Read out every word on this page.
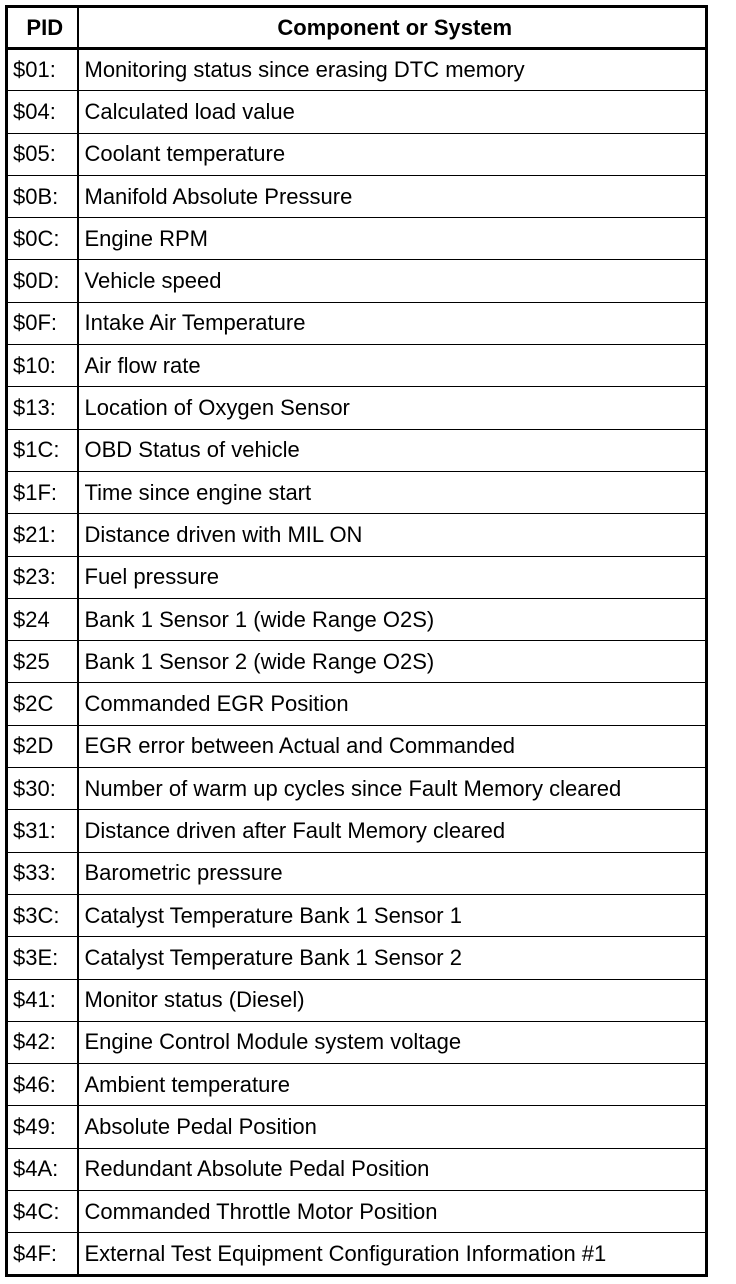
PID	Component or System
$01:	Monitoring status since erasing DTC memory
$04:	Calculated load value
$05:	Coolant temperature
$0B:	Manifold Absolute Pressure
$0C:	Engine RPM
$0D:	Vehicle speed
$0F:	Intake Air Temperature
$10:	Air flow rate
$13:	Location of Oxygen Sensor
$1C:	OBD Status of vehicle
$1F:	Time since engine start
$21:	Distance driven with MIL ON
$23:	Fuel pressure
$24	Bank 1 Sensor 1 (wide Range O2S)
$25	Bank 1 Sensor 2 (wide Range O2S)
$2C	Commanded EGR Position
$2D	EGR error between Actual and Commanded
$30:	Number of warm up cycles since Fault Memory cleared
$31:	Distance driven after Fault Memory cleared
$33:	Barometric pressure
$3C:	Catalyst Temperature Bank 1 Sensor 1
$3E:	Catalyst Temperature Bank 1 Sensor 2
$41:	Monitor status (Diesel)
$42:	Engine Control Module system voltage
$46:	Ambient temperature
$49:	Absolute Pedal Position
$4A:	Redundant Absolute Pedal Position
$4C:	Commanded Throttle Motor Position
$4F:	External Test Equipment Configuration Information #1
